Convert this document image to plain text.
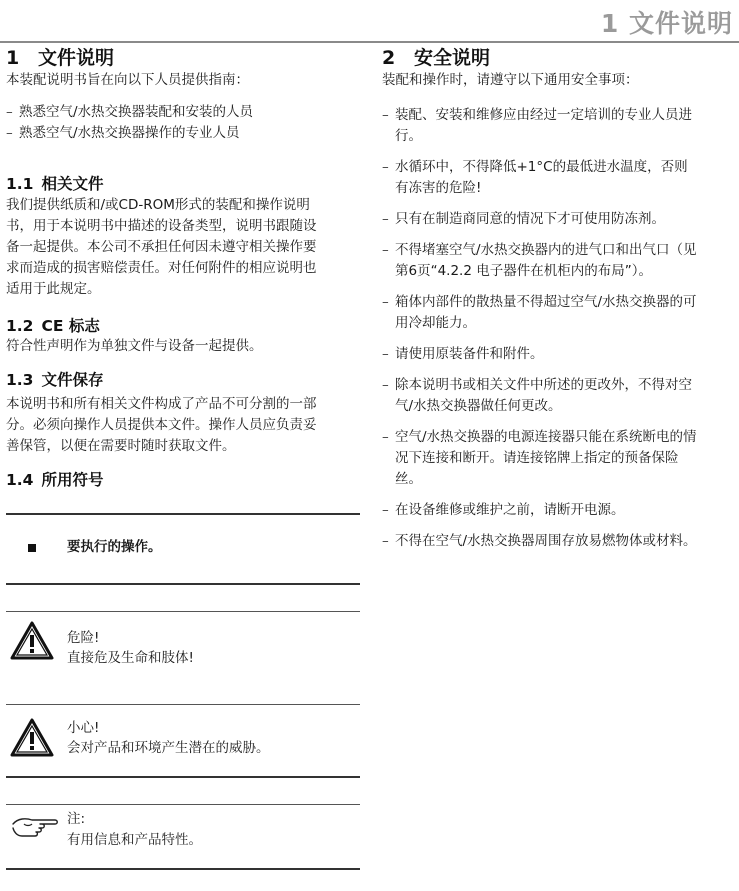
1 文件说明
1 文件说明

本装配说明书旨在向以下人员提供指南：

– 熟悉空气/水热交换器装配和安装的人员
– 熟悉空气/水热交换器操作的专业人员
1.1 相关文件

我们提供纸质和/或CD-ROM形式的装配和操作说明
书，用于本说明书中描述的设备类型，说明书跟随设
备一起提供。本公司不承担任何因未遵守相关操作要
求而造成的损害赔偿责任。对任何附件的相应说明也
适用于此规定。

1.2 CE 标志

符合性声明作为单独文件与设备一起提供。

1.3 文件保存

本说明书和所有相关文件构成了产品不可分割的一部
分。必须向操作人员提供本文件。操作人员应负责妥
善保管，以便在需要时随时获取文件。

1.4 所用符号
要执行的操作。
危险!
直接危及生命和肢体!
小心!
会对产品和环境产生潜在的威胁。
注:
有用信息和产品特性。
2 安全说明

装配和操作时，请遵守以下通用安全事项：

– 装配、安装和维修应由经过一定培训的专业人员进
行。
– 水循环中，不得降低+1°C的最低进水温度，否则
有冻害的危险!
– 只有在制造商同意的情况下才可使用防冻剂。
– 不得堵塞空气/水热交换器内的进气口和出气口（见
第6页“4.2.2 电子器件在机柜内的布局”）。
– 箱体内部件的散热量不得超过空气/水热交换器的可
用冷却能力。
– 请使用原装备件和附件。
– 除本说明书或相关文件中所述的更改外，不得对空
气/水热交换器做任何更改。
– 空气/水热交换器的电源连接器只能在系统断电的情
况下连接和断开。请连接铭牌上指定的预备保险
丝。
– 在设备维修或维护之前，请断开电源。
– 不得在空气/水热交换器周围存放易燃物体或材料。
